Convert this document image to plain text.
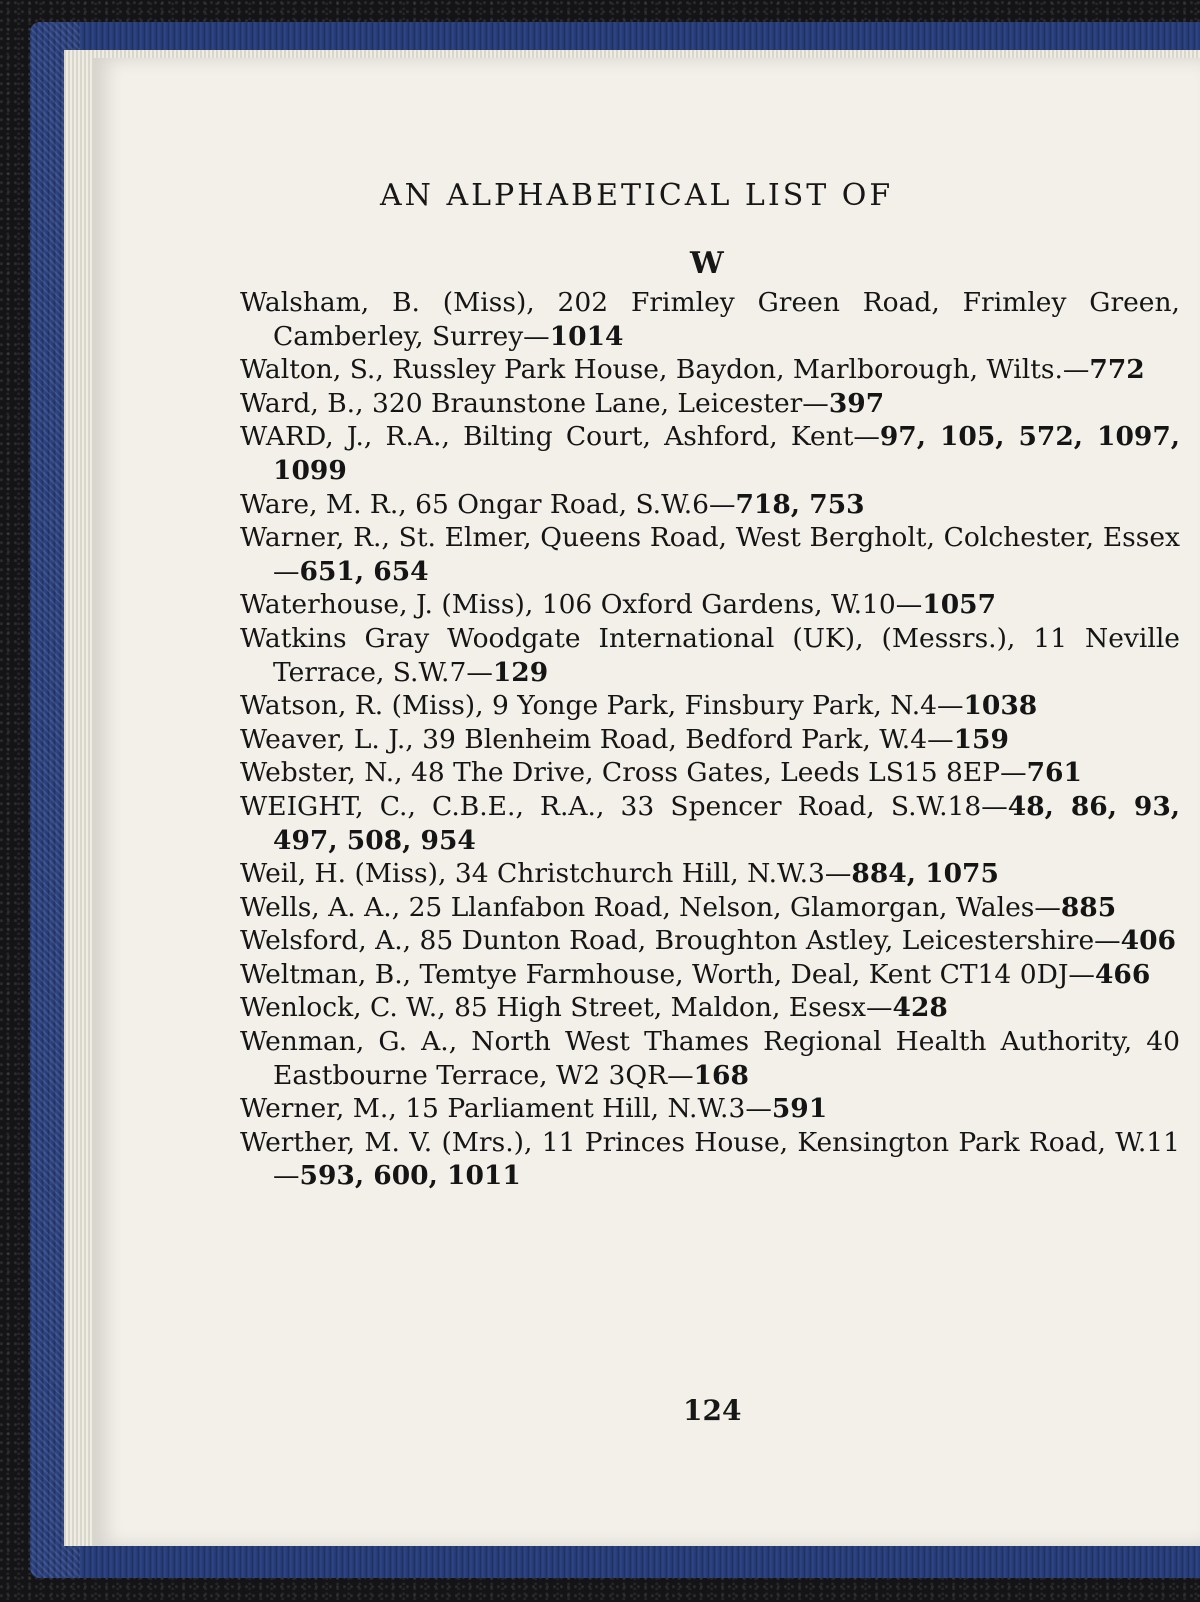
AN ALPHABETICAL LIST OF
W
Walsham, B. (Miss), 202 Frimley Green Road, Frimley Green, Camberley, Surrey—1014
Walton, S., Russley Park House, Baydon, Marlborough, Wilts.—772
Ward, B., 320 Braunstone Lane, Leicester—397
WARD, J., R.A., Bilting Court, Ashford, Kent—97, 105, 572, 1097, 1099
Ware, M. R., 65 Ongar Road, S.W.6—718, 753
Warner, R., St. Elmer, Queens Road, West Bergholt, Colchester, Essex—651, 654
Waterhouse, J. (Miss), 106 Oxford Gardens, W.10—1057
Watkins Gray Woodgate International (UK), (Messrs.), 11 Neville Terrace, S.W.7—129
Watson, R. (Miss), 9 Yonge Park, Finsbury Park, N.4—1038
Weaver, L. J., 39 Blenheim Road, Bedford Park, W.4—159
Webster, N., 48 The Drive, Cross Gates, Leeds LS15 8EP—761
WEIGHT, C., C.B.E., R.A., 33 Spencer Road, S.W.18—48, 86, 93, 497, 508, 954
Weil, H. (Miss), 34 Christchurch Hill, N.W.3—884, 1075
Wells, A. A., 25 Llanfabon Road, Nelson, Glamorgan, Wales—885
Welsford, A., 85 Dunton Road, Broughton Astley, Leicestershire—406
Weltman, B., Temtye Farmhouse, Worth, Deal, Kent CT14 0DJ—466
Wenlock, C. W., 85 High Street, Maldon, Esesx—428
Wenman, G. A., North West Thames Regional Health Authority, 40 Eastbourne Terrace, W2 3QR—168
Werner, M., 15 Parliament Hill, N.W.3—591
Werther, M. V. (Mrs.), 11 Princes House, Kensington Park Road, W.11—593, 600, 1011
124
